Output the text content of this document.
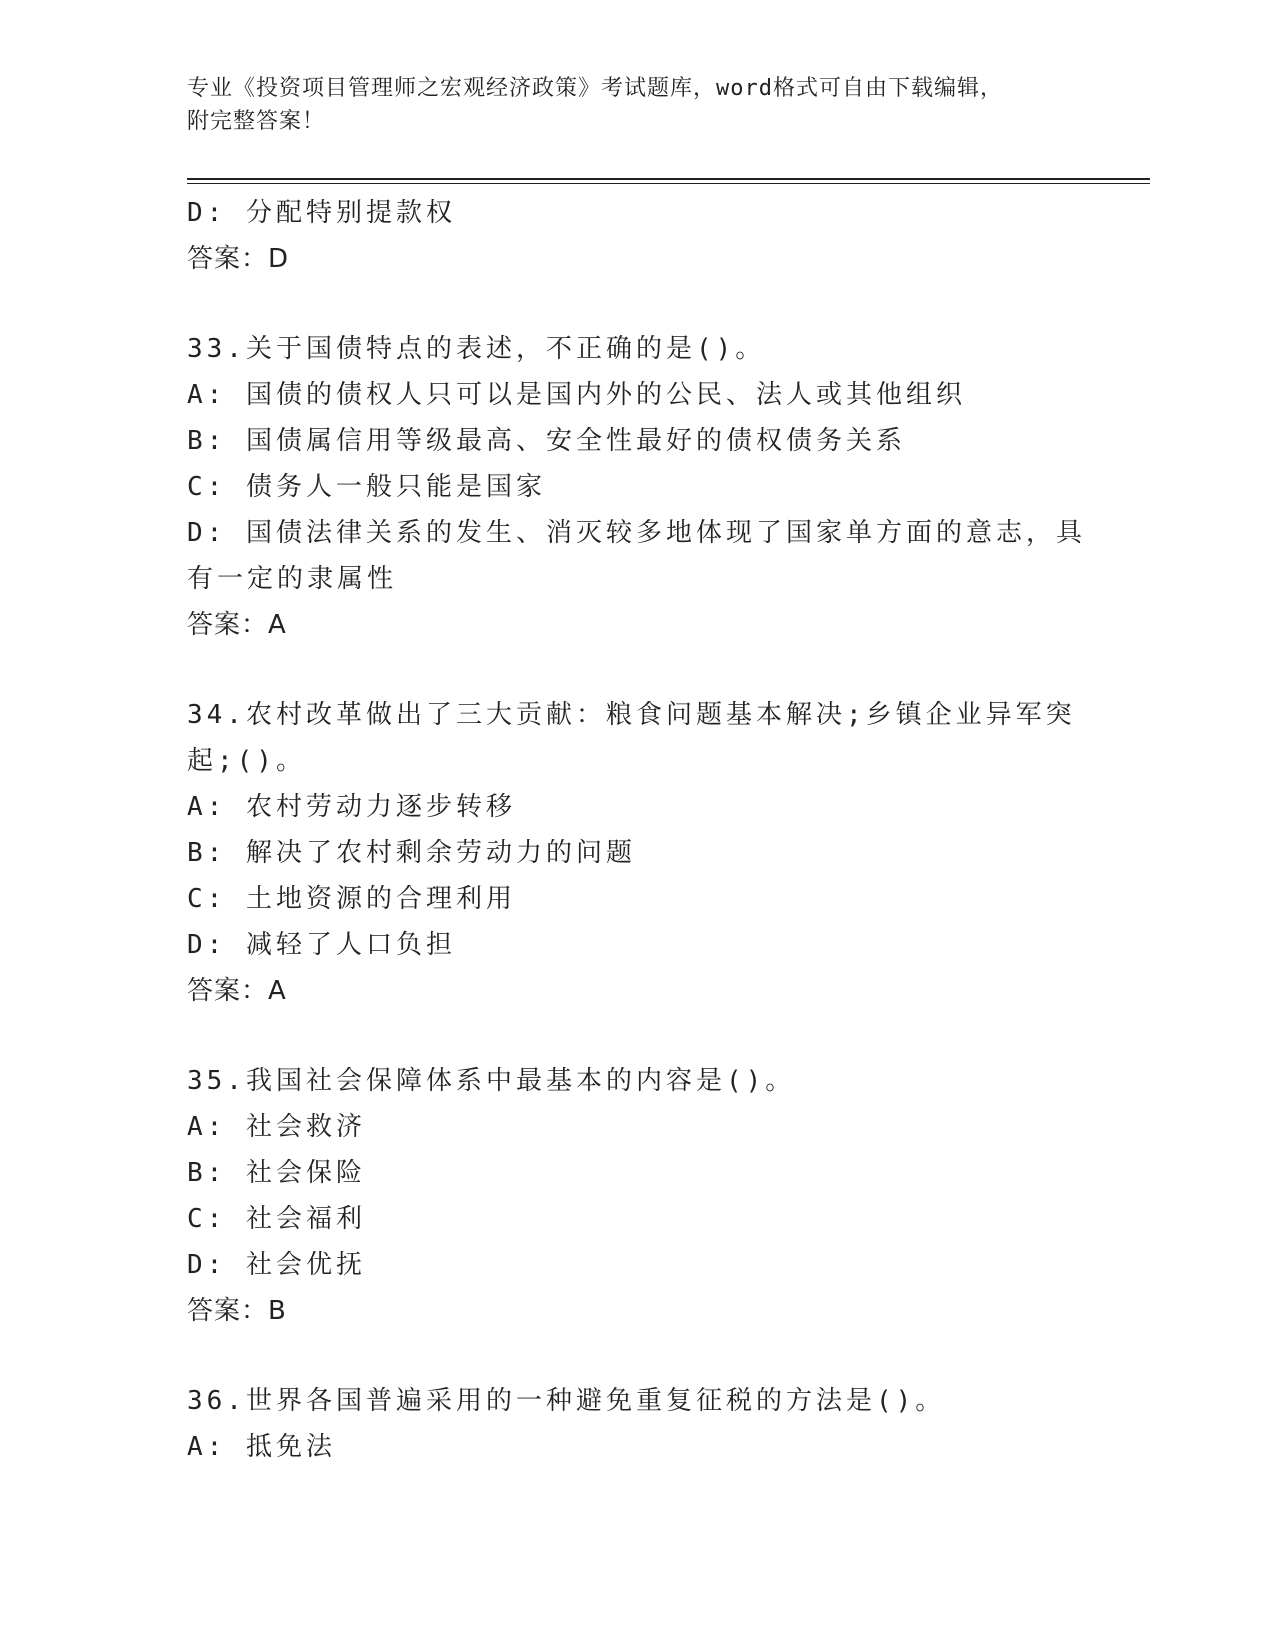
专业《投资项目管理师之宏观经济政策》考试题库，word格式可自由下载编辑，
附完整答案！
D: 分配特别提款权
答案：D
33.关于国债特点的表述，不正确的是()。
A: 国债的债权人只可以是国内外的公民、法人或其他组织
B: 国债属信用等级最高、安全性最好的债权债务关系
C: 债务人一般只能是国家
D: 国债法律关系的发生、消灭较多地体现了国家单方面的意志，具有一定的隶属性
答案：A
34.农村改革做出了三大贡献：粮食问题基本解决;乡镇企业异军突起;()。
A: 农村劳动力逐步转移
B: 解决了农村剩余劳动力的问题
C: 土地资源的合理利用
D: 减轻了人口负担
答案：A
35.我国社会保障体系中最基本的内容是()。
A: 社会救济
B: 社会保险
C: 社会福利
D: 社会优抚
答案：B
36.世界各国普遍采用的一种避免重复征税的方法是()。
A: 抵免法
